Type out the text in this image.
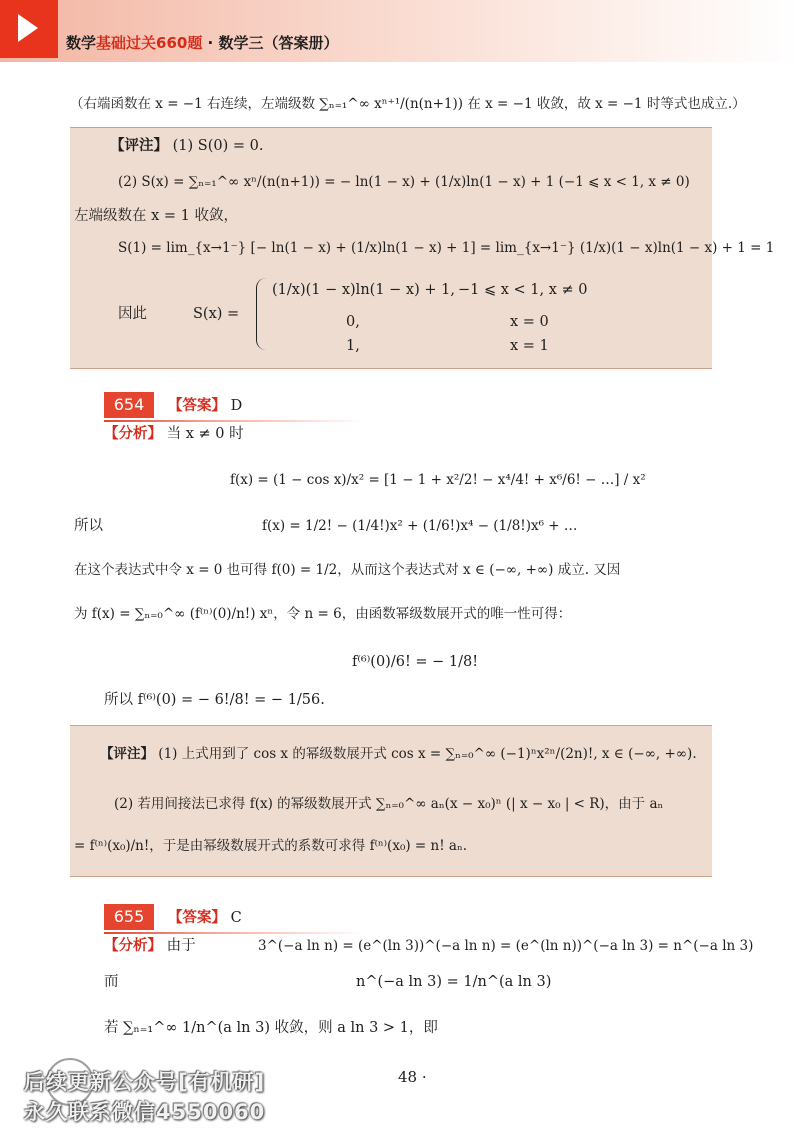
数学基础过关660题 · 数学三（答案册）
（右端函数在 x = −1 右连续，左端级数 ∑ₙ₌₁^∞ xⁿ⁺¹/(n(n+1)) 在 x = −1 收敛，故 x = −1 时等式也成立.）
【评注】 (1) S(0) = 0.
(2) S(x) = ∑ₙ₌₁^∞ xⁿ/(n(n+1)) = − ln(1 − x) + (1/x)ln(1 − x) + 1 (−1 ⩽ x < 1, x ≠ 0)
左端级数在 x = 1 收敛，
S(1) = lim_{x→1⁻} [− ln(1 − x) + (1/x)ln(1 − x) + 1] = lim_{x→1⁻} (1/x)(1 − x)ln(1 − x) + 1 = 1
因此	S(x) =
(1/x)(1 − x)ln(1 − x) + 1, −1 ⩽ x < 1, x ≠ 0
0,	x = 0
1,	x = 1
654	【答案】 D
【分析】 当 x ≠ 0 时
f(x) = (1 − cos x)/x² = [1 − 1 + x²/2! − x⁴/4! + x⁶/6! − …] / x²
所以	f(x) = 1/2! − (1/4!)x² + (1/6!)x⁴ − (1/8!)x⁶ + …
在这个表达式中令 x = 0 也可得 f(0) = 1/2，从而这个表达式对 x ∈ (−∞, +∞) 成立. 又因
为 f(x) = ∑ₙ₌₀^∞ (f⁽ⁿ⁾(0)/n!) xⁿ，令 n = 6，由函数幂级数展开式的唯一性可得：
f⁽⁶⁾(0)/6! = − 1/8!
所以 f⁽⁶⁾(0) = − 6!/8! = − 1/56.
【评注】 (1) 上式用到了 cos x 的幂级数展开式 cos x = ∑ₙ₌₀^∞ (−1)ⁿx²ⁿ/(2n)!, x ∈ (−∞, +∞).
(2) 若用间接法已求得 f(x) 的幂级数展开式 ∑ₙ₌₀^∞ aₙ(x − x₀)ⁿ (| x − x₀ | < R)，由于 aₙ
= f⁽ⁿ⁾(x₀)/n!，于是由幂级数展开式的系数可求得 f⁽ⁿ⁾(x₀) = n! aₙ.
655	【答案】 C
【分析】 由于	3^(−a ln n) = (e^(ln 3))^(−a ln n) = (e^(ln n))^(−a ln 3) = n^(−a ln 3)
而	n^(−a ln 3) = 1/n^(a ln 3)
若 ∑ₙ₌₁^∞ 1/n^(a ln 3) 收敛，则 a ln 3 > 1，即
48 ·
后续更新公众号[有机研]
永久联系微信4550060
